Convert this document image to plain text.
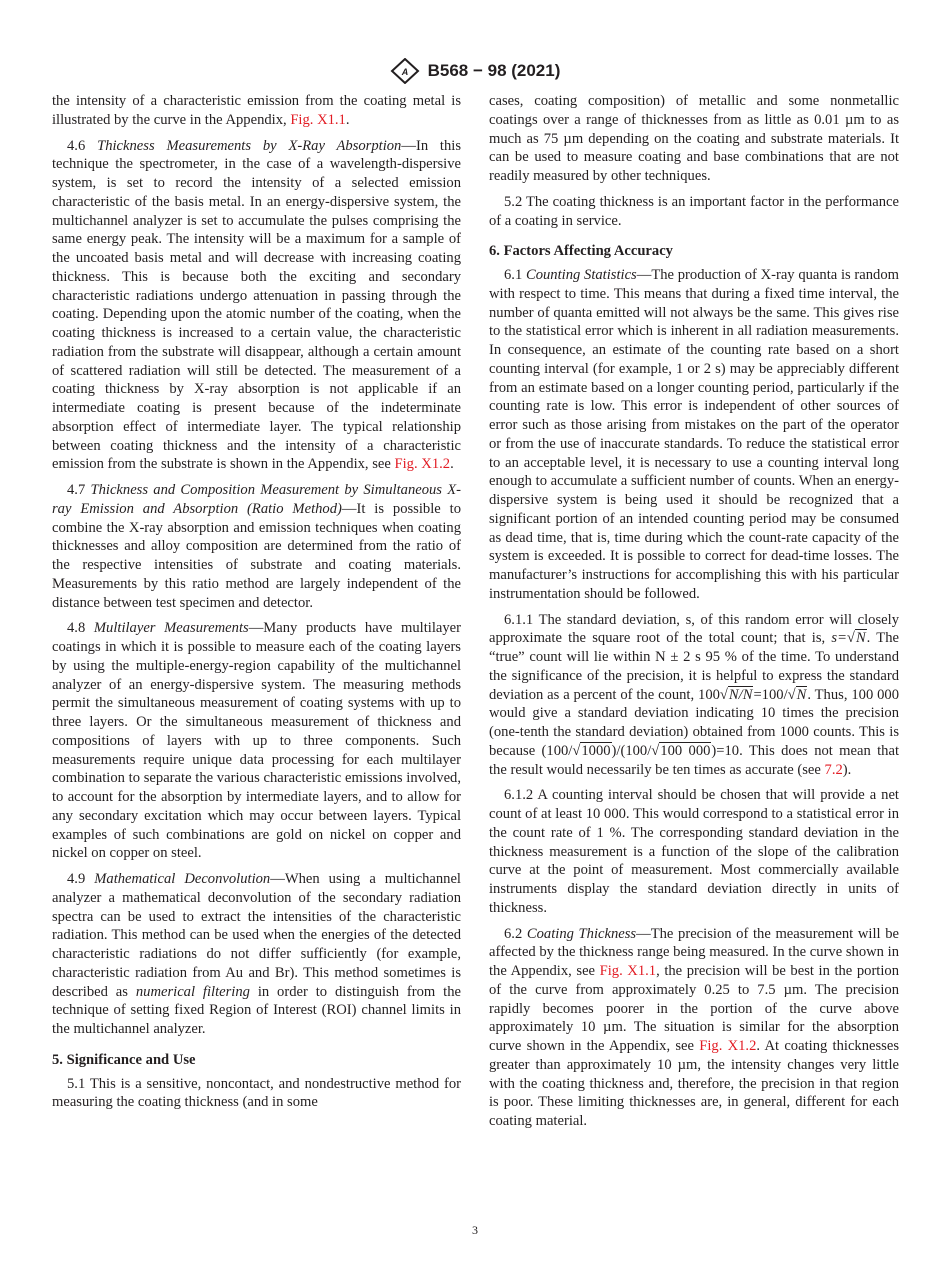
A B568 − 98 (2021)

the intensity of a characteristic emission from the coating metal is illustrated by the curve in the Appendix, Fig. X1.1.

4.6 Thickness Measurements by X-Ray Absorption—In this technique the spectrometer, in the case of a wavelength-dispersive system, is set to record the intensity of a selected emission characteristic of the basis metal. In an energy-dispersive system, the multichannel analyzer is set to accumulate the pulses comprising the same energy peak. The intensity will be a maximum for a sample of the uncoated basis metal and will decrease with increasing coating thickness. This is because both the exciting and secondary characteristic radiations undergo attenuation in passing through the coating. Depending upon the atomic number of the coating, when the coating thickness is increased to a certain value, the characteristic radiation from the substrate will disappear, although a certain amount of scattered radiation will still be detected. The measurement of a coating thickness by X-ray absorption is not applicable if an intermediate coating is present because of the indeterminate absorption effect of intermediate layer. The typical relationship between coating thickness and the intensity of a characteristic emission from the substrate is shown in the Appendix, see Fig. X1.2.

4.7 Thickness and Composition Measurement by Simultaneous X-ray Emission and Absorption (Ratio Method)—It is possible to combine the X-ray absorption and emission techniques when coating thicknesses and alloy composition are determined from the ratio of the respective intensities of substrate and coating materials. Measurements by this ratio method are largely independent of the distance between test specimen and detector.

4.8 Multilayer Measurements—Many products have multilayer coatings in which it is possible to measure each of the coating layers by using the multiple-energy-region capability of the multichannel analyzer of an energy-dispersive system. The measuring methods permit the simultaneous measurement of coating systems with up to three layers. Or the simultaneous measurement of thickness and compositions of layers with up to three components. Such measurements require unique data processing for each multilayer combination to separate the various characteristic emissions involved, to account for the absorption by intermediate layers, and to allow for any secondary excitation which may occur between layers. Typical examples of such combinations are gold on nickel on copper and nickel on copper on steel.

4.9 Mathematical Deconvolution—When using a multichannel analyzer a mathematical deconvolution of the secondary radiation spectra can be used to extract the intensities of the characteristic radiation. This method can be used when the energies of the detected characteristic radiations do not differ sufficiently (for example, characteristic radiation from Au and Br). This method sometimes is described as numerical filtering in order to distinguish from the technique of setting fixed Region of Interest (ROI) channel limits in the multichannel analyzer.

5. Significance and Use

5.1 This is a sensitive, noncontact, and nondestructive method for measuring the coating thickness (and in some

cases, coating composition) of metallic and some nonmetallic coatings over a range of thicknesses from as little as 0.01 µm to as much as 75 µm depending on the coating and substrate materials. It can be used to measure coating and base combinations that are not readily measured by other techniques.

5.2 The coating thickness is an important factor in the performance of a coating in service.

6. Factors Affecting Accuracy

6.1 Counting Statistics—The production of X-ray quanta is random with respect to time. This means that during a fixed time interval, the number of quanta emitted will not always be the same. This gives rise to the statistical error which is inherent in all radiation measurements. In consequence, an estimate of the counting rate based on a short counting interval (for example, 1 or 2 s) may be appreciably different from an estimate based on a longer counting period, particularly if the counting rate is low. This error is independent of other sources of error such as those arising from mistakes on the part of the operator or from the use of inaccurate standards. To reduce the statistical error to an acceptable level, it is necessary to use a counting interval long enough to accumulate a sufficient number of counts. When an energy-dispersive system is being used it should be recognized that a significant portion of an intended counting period may be consumed as dead time, that is, time during which the count-rate capacity of the system is exceeded. It is possible to correct for dead-time losses. The manufacturer’s instructions for accomplishing this with his particular instrumentation should be followed.

6.1.1 The standard deviation, s, of this random error will closely approximate the square root of the total count; that is, s=√N. The “true” count will lie within N ± 2 s 95 % of the time. To understand the significance of the precision, it is helpful to express the standard deviation as a percent of the count, 100√N/N=100/√N. Thus, 100 000 would give a standard deviation indicating 10 times the precision (one-tenth the standard deviation) obtained from 1000 counts. This is because (100/√1000)/(100/√100 000)=10. This does not mean that the result would necessarily be ten times as accurate (see 7.2).

6.1.2 A counting interval should be chosen that will provide a net count of at least 10 000. This would correspond to a statistical error in the count rate of 1 %. The corresponding standard deviation in the thickness measurement is a function of the slope of the calibration curve at the point of measurement. Most commercially available instruments display the standard deviation directly in units of thickness.

6.2 Coating Thickness—The precision of the measurement will be affected by the thickness range being measured. In the curve shown in the Appendix, see Fig. X1.1, the precision will be best in the portion of the curve from approximately 0.25 to 7.5 µm. The precision rapidly becomes poorer in the portion of the curve above approximately 10 µm. The situation is similar for the absorption curve shown in the Appendix, see Fig. X1.2. At coating thicknesses greater than approximately 10 µm, the intensity changes very little with the coating thickness and, therefore, the precision in that region is poor. These limiting thicknesses are, in general, different for each coating material.

3
